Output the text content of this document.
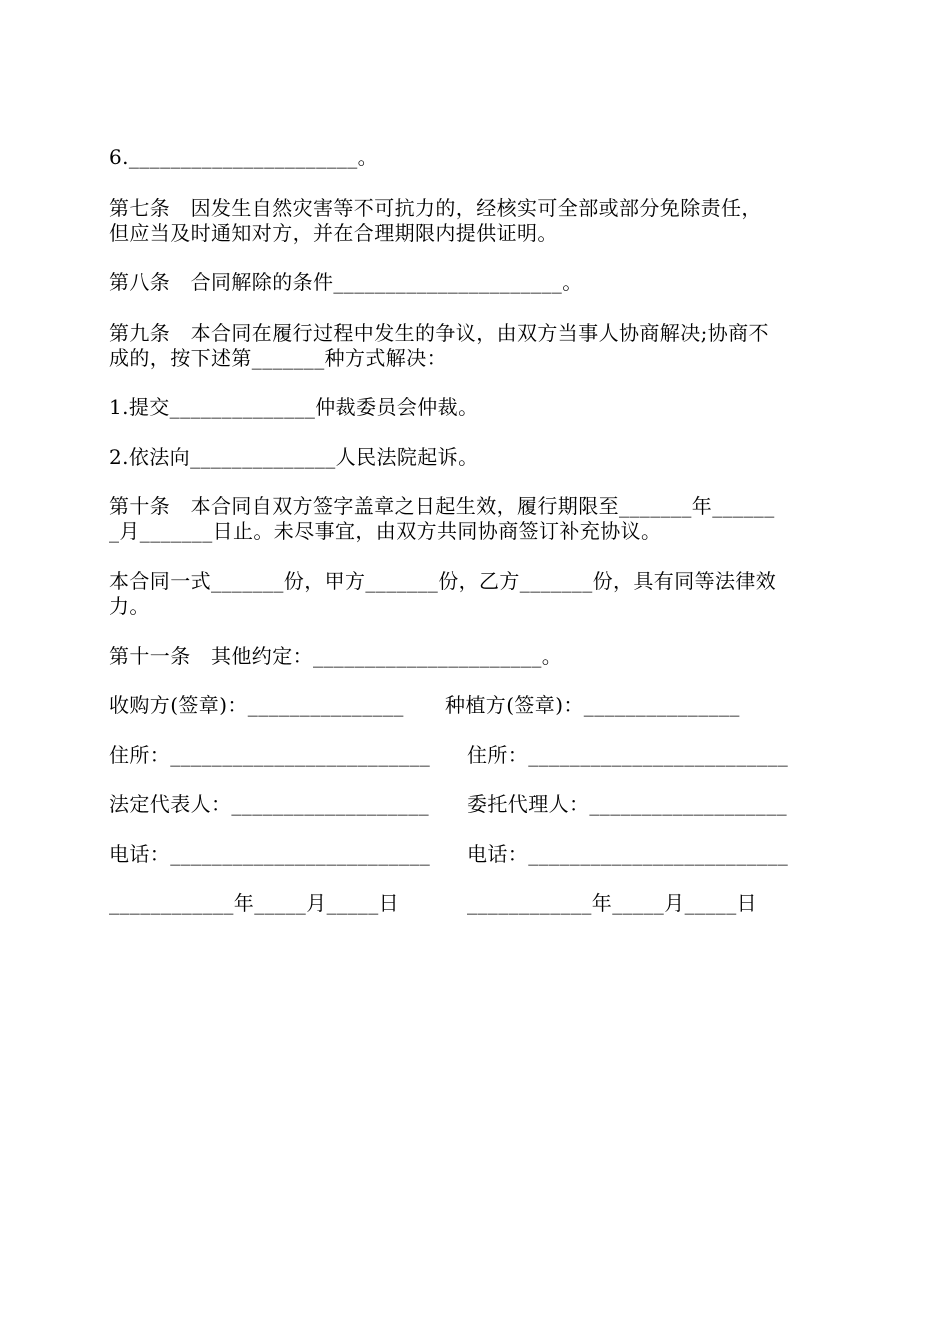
6.______________________。
第七条　因发生自然灾害等不可抗力的，经核实可全部或部分免除责任，
但应当及时通知对方，并在合理期限内提供证明。
第八条　合同解除的条件______________________。
第九条　本合同在履行过程中发生的争议，由双方当事人协商解决;协商不
成的，按下述第_______种方式解决：
1.提交______________仲裁委员会仲裁。
2.依法向______________人民法院起诉。
第十条　本合同自双方签字盖章之日起生效，履行期限至_______年______
_月_______日止。未尽事宜，由双方共同协商签订补充协议。
本合同一式_______份，甲方_______份，乙方_______份，具有同等法律效
力。
第十一条　其他约定：______________________。
收购方(签章)：_______________ 种植方(签章)：_______________
住所：_________________________ 住所：_________________________
法定代表人：___________________ 委托代理人：___________________
电话：_________________________ 电话：_________________________
____________年_____月_____日	____________年_____月_____日
